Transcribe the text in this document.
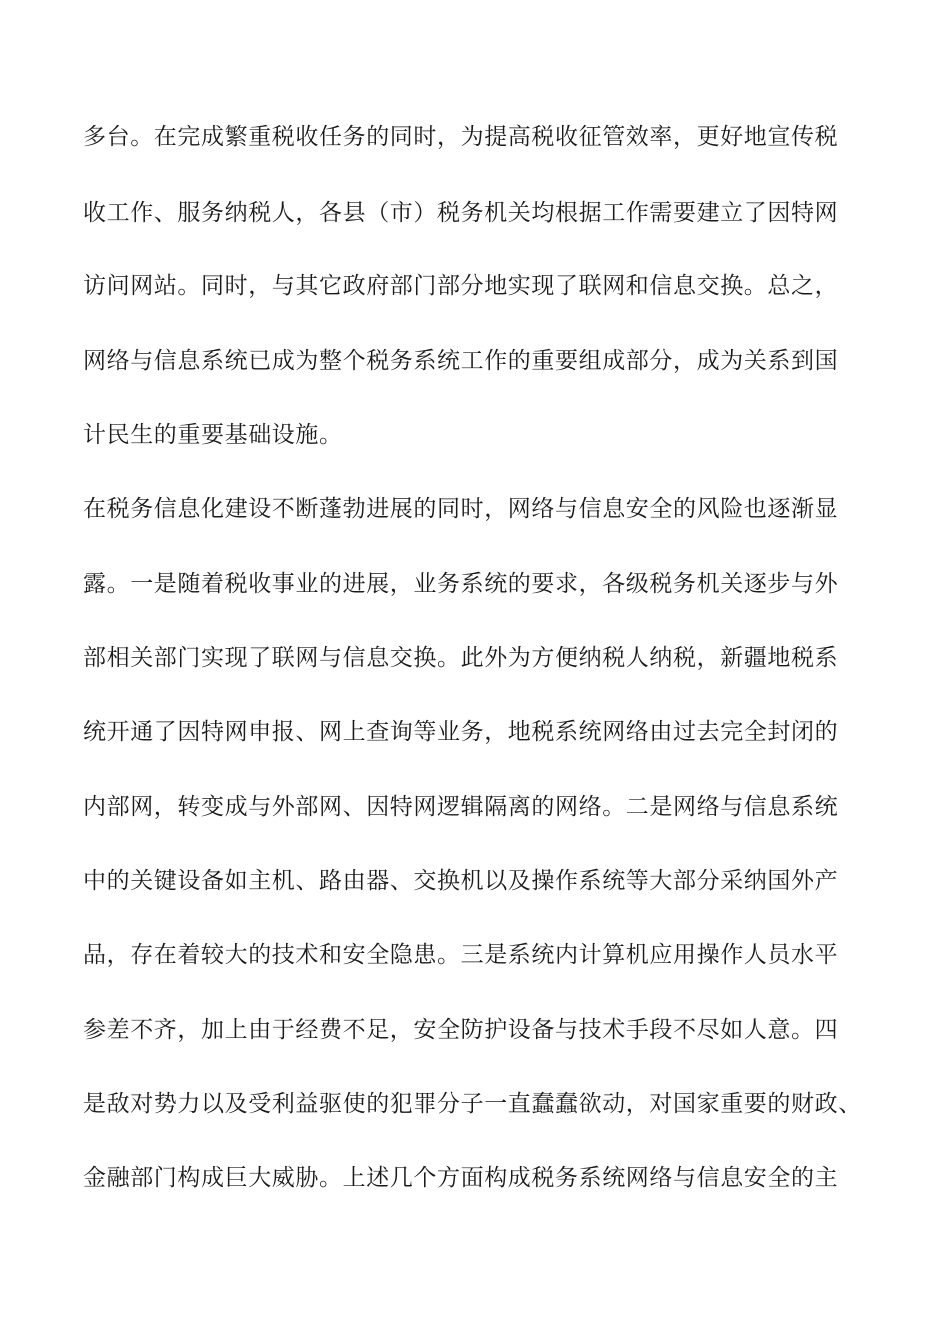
多台。在完成繁重税收任务的同时，为提高税收征管效率，更好地宣传税
收工作、服务纳税人，各县（市）税务机关均根据工作需要建立了因特网
访问网站。同时，与其它政府部门部分地实现了联网和信息交换。总之，
网络与信息系统已成为整个税务系统工作的重要组成部分，成为关系到国
计民生的重要基础设施。
在税务信息化建设不断蓬勃进展的同时，网络与信息安全的风险也逐渐显
露。一是随着税收事业的进展，业务系统的要求，各级税务机关逐步与外
部相关部门实现了联网与信息交换。此外为方便纳税人纳税，新疆地税系
统开通了因特网申报、网上查询等业务，地税系统网络由过去完全封闭的
内部网，转变成与外部网、因特网逻辑隔离的网络。二是网络与信息系统
中的关键设备如主机、路由器、交换机以及操作系统等大部分采纳国外产
品，存在着较大的技术和安全隐患。三是系统内计算机应用操作人员水平
参差不齐，加上由于经费不足，安全防护设备与技术手段不尽如人意。四
是敌对势力以及受利益驱使的犯罪分子一直蠢蠢欲动，对国家重要的财政、
金融部门构成巨大威胁。上述几个方面构成税务系统网络与信息安全的主
